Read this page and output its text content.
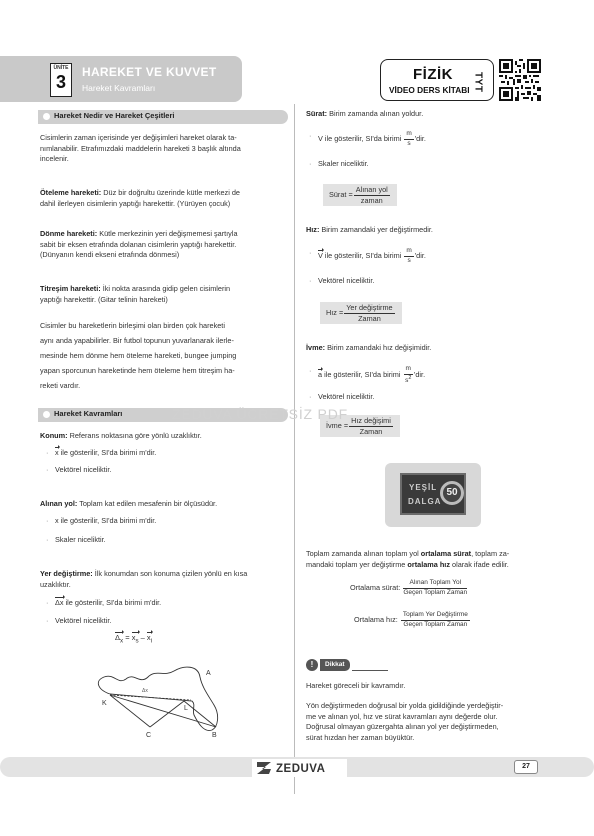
ÜNİTE
3	HAREKET VE KUVVET
Hareket Kavramları
FİZİK
VİDEO DERS KİTABI TYT
Hareket Nedir ve Hareket Çeşitleri
Cisimlerin zaman içerisinde yer değişimleri hareket olarak ta-
nımlanabilir. Etrafımızdaki maddelerin hareketi 3 başlık altında
incelenir.
Öteleme hareketi: Düz bir doğrultu üzerinde kütle merkezi de
dahil ilerleyen cisimlerin yaptığı harekettir. (Yürüyen çocuk)
Dönme hareketi: Kütle merkezinin yeri değişmemesi şartıyla
sabit bir eksen etrafında dolanan cisimlerin yaptığı harekettir.
(Dünyanın kendi ekseni etrafında dönmesi)
Titreşim hareketi: İki nokta arasında gidip gelen cisimlerin
yaptığı harekettir. (Gitar telinin hareketi)
Cisimler bu hareketlerin birleşimi olan birden çok hareketi
aynı anda yapabilirler. Bir futbol topunun yuvarlanarak ilerle-
mesinde hem dönme hem öteleme hareketi, bungee jumping
yapan sporcunun hareketinde hem öteleme hem titreşim ha-
reketi vardır.
Hareket Kavramları
Konum: Referans noktasına göre yönlü uzaklıktır.
· x ile gösterilir, SI'da birimi m'dir.
· Vektörel niceliktir.
Alınan yol: Toplam kat edilen mesafenin bir ölçüsüdür.
· x ile gösterilir, SI'da birimi m'dir.
· Skaler niceliktir.
Yer değiştirme: İlk konumdan son konuma çizilen yönlü en kısa
uzaklıktır.
· Δx ile gösterilir, SI'da birimi m'dir.
· Vektörel niceliktir.
$\Delta_x = x_s - x_i$
A
K
L
C	B
Δx
Sürat: Birim zamanda alınan yoldur.
· V ile gösterilir, SI'da birimi $\frac{m}{s}$ 'dir.
· Skaler niceliktir.
Sürat = $\frac{\text{Alınan yol}}{\text{zaman}}$
Hız: Birim zamandaki yer değiştirmedir.
· V ile gösterilir, SI'da birimi $\frac{m}{s}$ 'dir.
· Vektörel niceliktir.
Hız = $\frac{\text{Yer değiştirme}}{\text{Zaman}}$
İvme: Birim zamandaki hız değişimidir.
· a ile gösterilir, SI'da birimi $\frac{m}{s^2}$ 'dir.
· Vektörel niceliktir.
İvme = $\frac{\text{Hız değişimi}}{\text{Zaman}}$
YEŞİL
DALGA
50
Toplam zamanda alınan toplam yol ortalama sürat, toplam za-
mandaki toplam yer değiştirme ortalama hız olarak ifade edilir.
Ortalama sürat: $\frac{\text{Alınan Toplam Yol}}{\text{Geçen Toplam Zaman}}$
Ortalama hız: $\frac{\text{Toplam Yer Değiştirme}}{\text{Geçen Toplam Zaman}}$
!	Dikkat
Hareket göreceli bir kavramdır.
Yön değiştirmeden doğrusal bir yolda gidildiğinde yerdeğiştir-
me ve alınan yol, hız ve sürat kavramları aynı değerde olur.
Doğrusal olmayan güzergahta alınan yol yer değiştirmeden,
sürat hızdan her zaman büyüktür.
ZEDUVA ÜCRETSİZ PDF
ZEDUVA	27
